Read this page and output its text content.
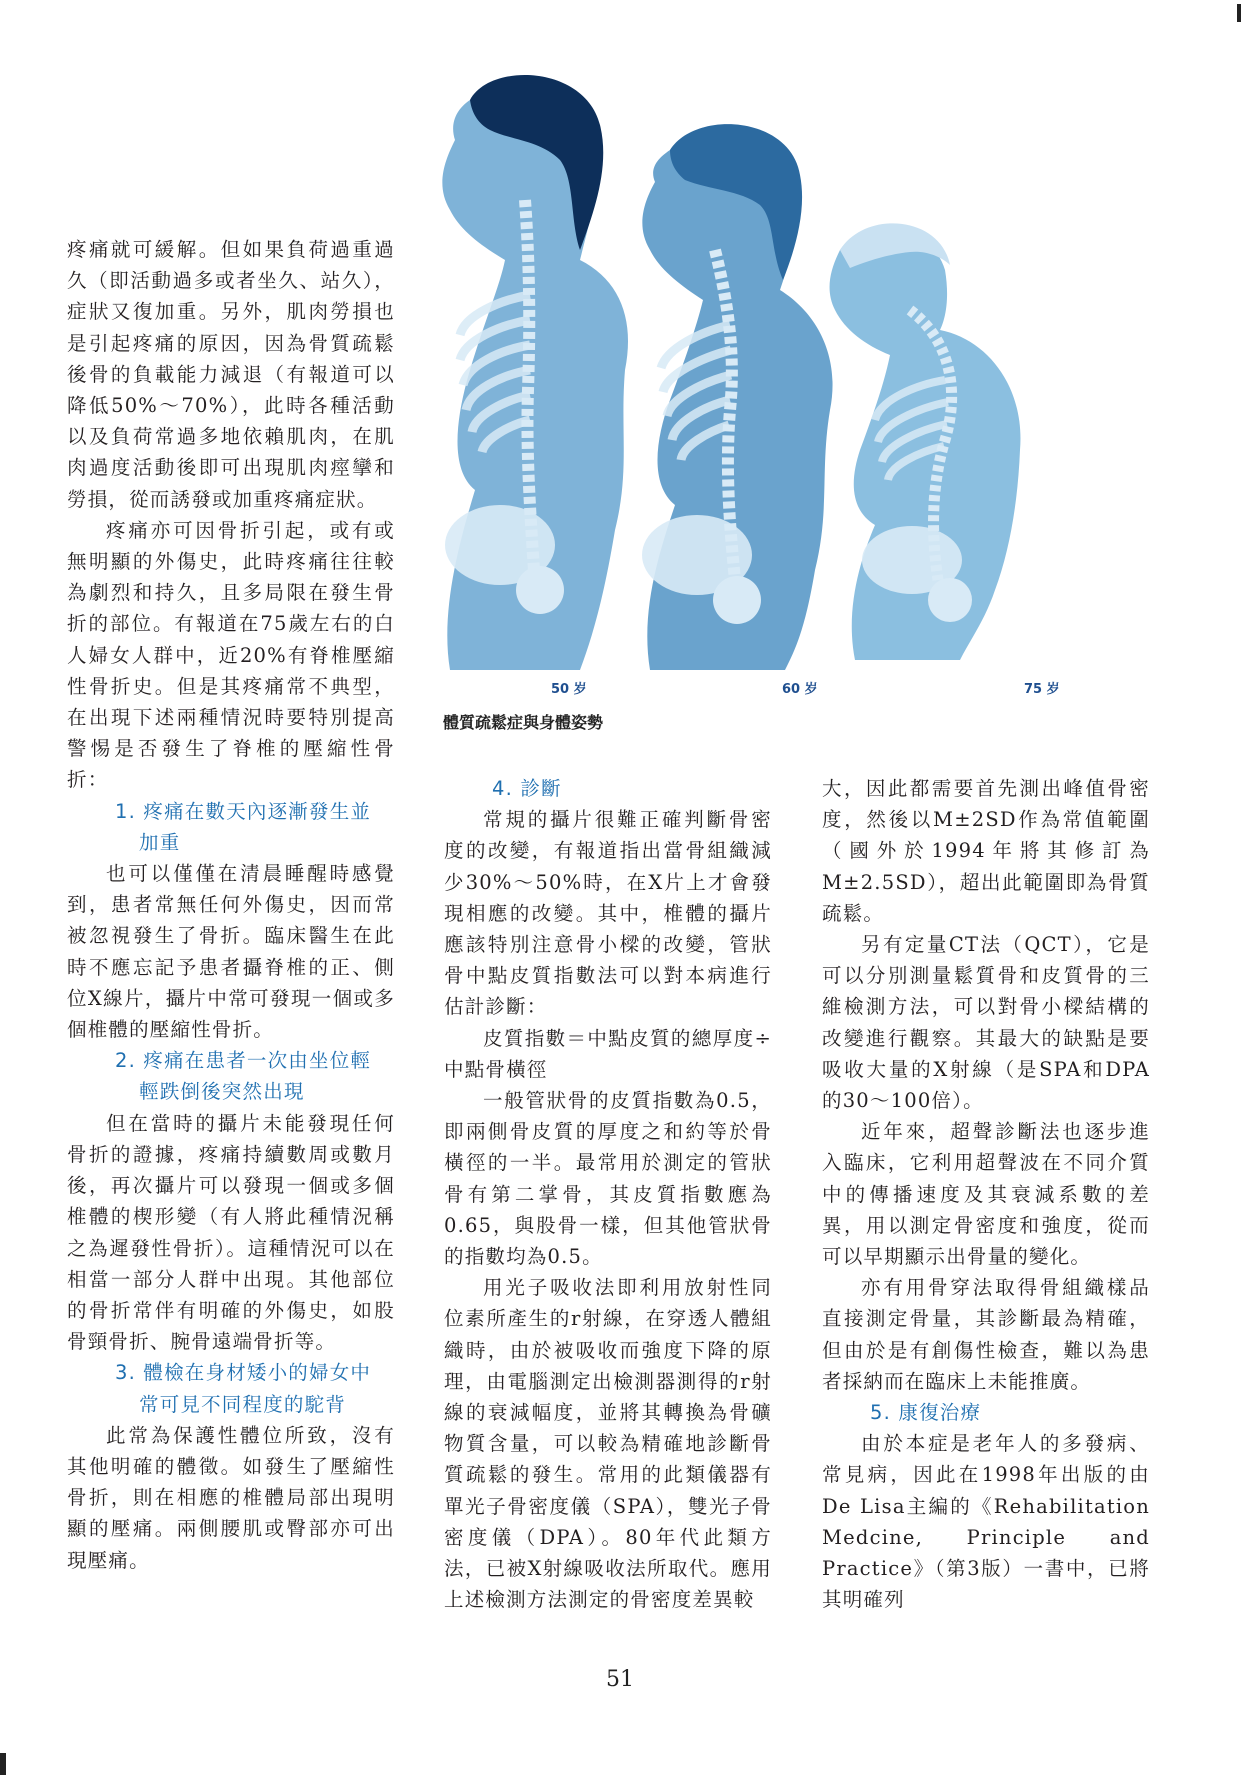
50 岁	60 岁	75 岁
體質疏鬆症與身體姿勢

疼痛就可緩解。但如果負荷過重過久（即活動過多或者坐久、站久），症狀又復加重。另外，肌肉勞損也是引起疼痛的原因，因為骨質疏鬆後骨的負載能力減退（有報道可以降低50%～70%），此時各種活動以及負荷常過多地依賴肌肉，在肌肉過度活動後即可出現肌肉痙攣和勞損，從而誘發或加重疼痛症狀。

疼痛亦可因骨折引起，或有或無明顯的外傷史，此時疼痛往往較為劇烈和持久，且多局限在發生骨折的部位。有報道在75歲左右的白人婦女人群中，近20%有脊椎壓縮性骨折史。但是其疼痛常不典型，在出現下述兩種情況時要特別提高警惕是否發生了脊椎的壓縮性骨折：

1. 疼痛在數天內逐漸發生並
加重

也可以僅僅在清晨睡醒時感覺到，患者常無任何外傷史，因而常被忽視發生了骨折。臨床醫生在此時不應忘記予患者攝脊椎的正、側位X線片，攝片中常可發現一個或多個椎體的壓縮性骨折。

2. 疼痛在患者一次由坐位輕
輕跌倒後突然出現

但在當時的攝片未能發現任何骨折的證據，疼痛持續數周或數月後，再次攝片可以發現一個或多個椎體的楔形變（有人將此種情況稱之為遲發性骨折）。這種情況可以在相當一部分人群中出現。其他部位的骨折常伴有明確的外傷史，如股骨頸骨折、腕骨遠端骨折等。

3. 體檢在身材矮小的婦女中
常可見不同程度的駝背

此常為保護性體位所致，沒有其他明確的體徵。如發生了壓縮性骨折，則在相應的椎體局部出現明顯的壓痛。兩側腰肌或臀部亦可出現壓痛。

4. 診斷

常規的攝片很難正確判斷骨密度的改變，有報道指出當骨組織減少30%～50%時，在X片上才會發現相應的改變。其中，椎體的攝片應該特別注意骨小樑的改變，管狀骨中點皮質指數法可以對本病進行估計診斷：

皮質指數＝中點皮質的總厚度÷中點骨橫徑

一般管狀骨的皮質指數為0.5，即兩側骨皮質的厚度之和約等於骨橫徑的一半。最常用於測定的管狀骨有第二掌骨，其皮質指數應為0.65，與股骨一樣，但其他管狀骨的指數均為0.5。

用光子吸收法即利用放射性同位素所產生的r射線，在穿透人體組織時，由於被吸收而強度下降的原理，由電腦測定出檢測器測得的r射線的衰減幅度，並將其轉換為骨礦物質含量，可以較為精確地診斷骨質疏鬆的發生。常用的此類儀器有單光子骨密度儀（SPA），雙光子骨密度儀（DPA）。80年代此類方法，已被X射線吸收法所取代。應用上述檢測方法測定的骨密度差異較

大，因此都需要首先測出峰值骨密度，然後以M±2SD作為常值範圍（國外於1994年將其修訂為M±2.5SD），超出此範圍即為骨質疏鬆。

另有定量CT法（QCT），它是可以分別測量鬆質骨和皮質骨的三維檢測方法，可以對骨小樑結構的改變進行觀察。其最大的缺點是要吸收大量的X射線（是SPA和DPA的30～100倍）。

近年來，超聲診斷法也逐步進入臨床，它利用超聲波在不同介質中的傳播速度及其衰減系數的差異，用以測定骨密度和強度，從而可以早期顯示出骨量的變化。

亦有用骨穿法取得骨組織樣品直接測定骨量，其診斷最為精確，但由於是有創傷性檢查，難以為患者採納而在臨床上未能推廣。

5. 康復治療

由於本症是老年人的多發病、常見病，因此在1998年出版的由De Lisa主編的《Rehabilitation Medcine, Principle and Practice》（第3版）一書中，已將其明確列

51
